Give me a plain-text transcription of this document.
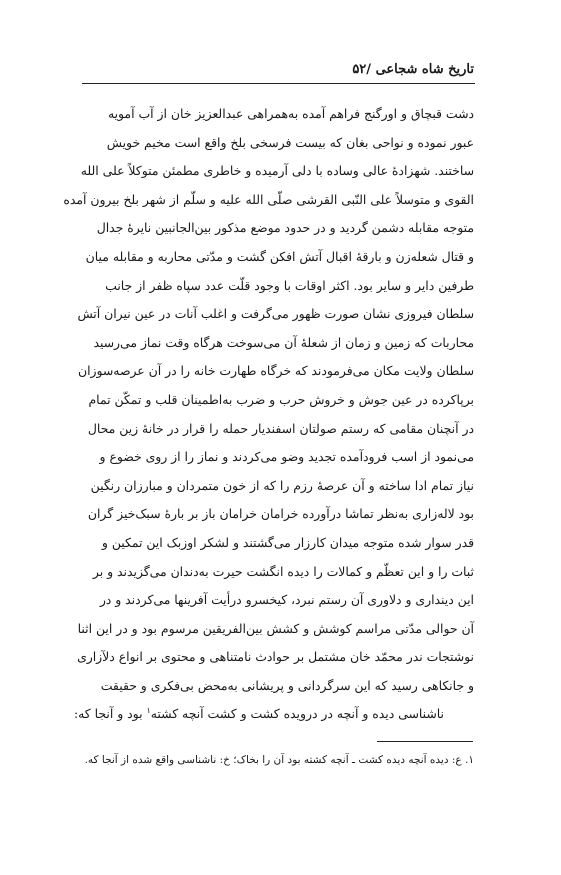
تاریخ شاه شجاعی /۵۲
دشت قبچاق و اورگنج فراهم آمده به‌همراهی عبدالعزیز خان از آب آمویه
عبور نموده و نواحی بغان که بیست فرسخی بلخ واقع است مخیم خویش
ساختند. شهزادهٔ عالی وساده با دلی آرمیده و خاطری مطمئن متوکلاً علی الله
القوی و متوسلاً علی النّبی القرشی صلّی الله علیه و سلّم از شهر بلخ بیرون آمده
متوجه مقابله دشمن گردید و در حدود موضع مذکور بین‌الجانبین نایرهٔ جدال
و قتال شعله‌زن و بارقهٔ اقبال آتش افکن گشت و مدّتی محاربه و مقابله میان
طرفین دایر و سایر بود. اکثر اوقات با وجود قلّت عدد سپاه ظفر از جانب
سلطان فیروزی نشان صورت ظهور می‌گرفت و اغلب آنات در عین نیران آتش
محاربات که زمین و زمان از شعلهٔ آن می‌سوخت هرگاه وقت نماز می‌رسید
سلطان ولایت مکان می‌فرمودند که خرگاه طهارت خانه را در آن عرصه‌سوزان
برپاکرده در عین جوش و خروش حرب و ضرب به‌اطمینان قلب و تمکّن تمام
در آنچنان مقامی که رستم صولتان اسفندیار حمله را قرار در خانهٔ زین محال
می‌نمود از اسب فرودآمده تجدید وضو می‌کردند و نماز را از روی خضوع و
نیاز تمام ادا ساخته و آن عرصهٔ رزم را که از خون متمردان و مبارزان رنگین
بود لاله‌زاری به‌نظر تماشا درآورده خرامان خرامان باز بر بارهٔ سبک‌خیز گران
قدر سوار شده متوجه میدان کارزار می‌گشتند و لشکر اوزبک این تمکین و
ثبات را و این تعظّم و کمالات را دیده انگشت حیرت به‌دندان می‌گزیدند و بر
این دینداری و دلاوری آن رستم نبرد، کیخسرو درأیت آفرینها می‌کردند و در
آن حوالی مدّتی مراسم کوشش و کشش بین‌الفریقین مرسوم بود و در این اثنا
نوشتجات ندر محمّد خان مشتمل بر حوادث نامتناهی و محتوی بر انواع دلآزاری
و جانکاهی رسید که این سرگردانی و پریشانی به‌محض بی‌فکری و حقیقت
ناشناسی دیده و آنچه در درویده کشت و کشت آنچه کشته$^۱$ بود و آنجا که:
۱. ع: دیده آنچه دیده کشت ـ آنچه کشته بود آن را بخاک؛ خ: ناشناسی واقع شده از آنجا که.
